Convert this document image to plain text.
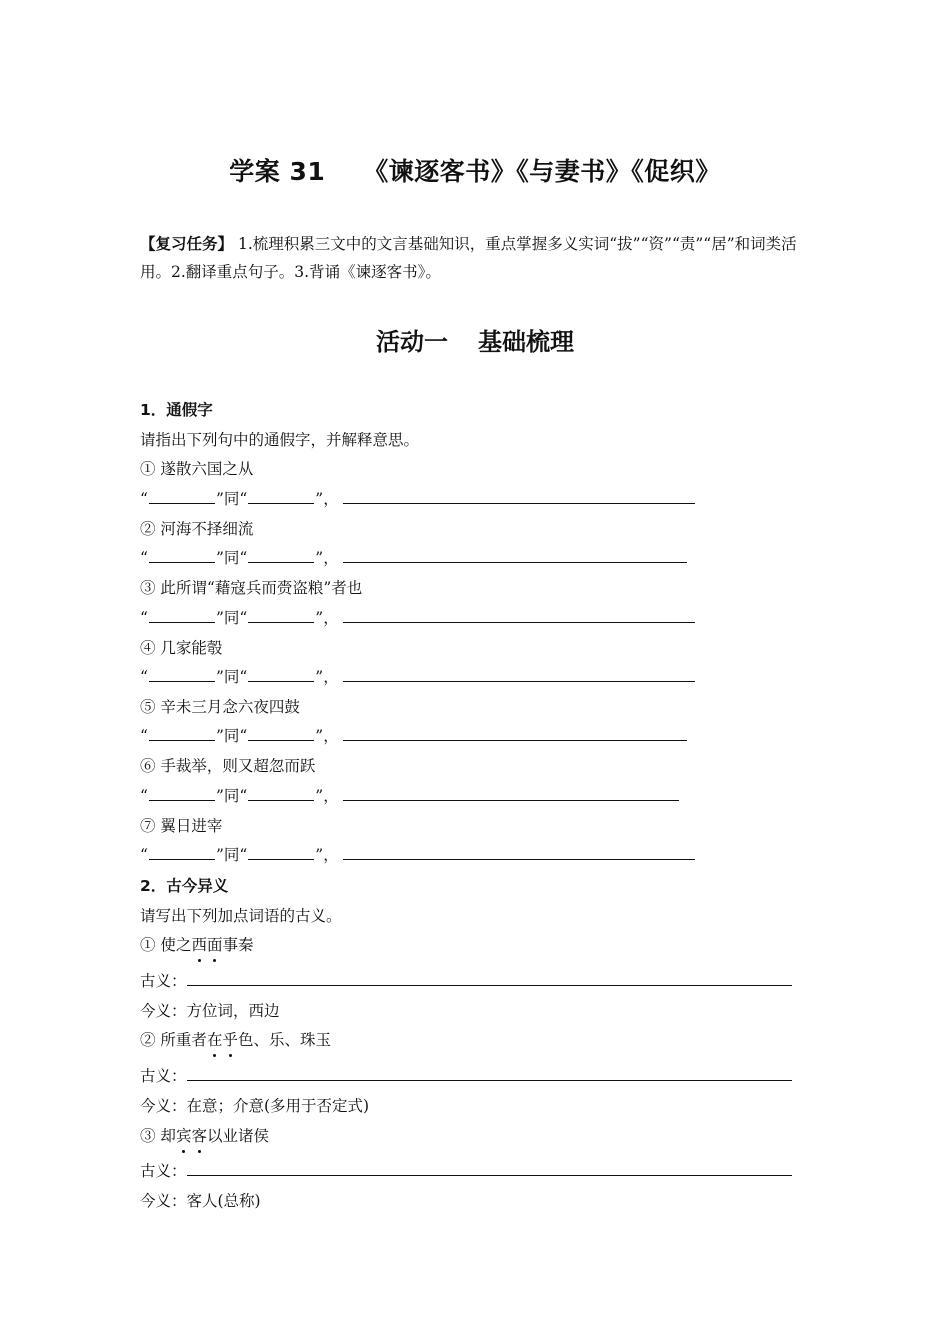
学案 31 《谏逐客书》《与妻书》《促织》
【复习任务】 1.梳理积累三文中的文言基础知识，重点掌握多义实词“拔”“资”“责”“居”和词类活用。2.翻译重点句子。3.背诵《谏逐客书》。
活动一 基础梳理
1．通假字
请指出下列句中的通假字，并解释意思。
① 遂散六国之从
“	”同“	”，
② 河海不择细流
“	”同“	”，
③ 此所谓“藉寇兵而赍盗粮”者也
“	”同“	”，
④ 几家能彀
“	”同“	”，
⑤ 辛未三月念六夜四鼓
“	”同“	”，
⑥ 手裁举，则又超忽而跃
“	”同“	”，
⑦ 翼日进宰
“	”同“	”，
2．古今异义
请写出下列加点词语的古义。
① 使之西面事秦
古义：
今义：方位词，西边
② 所重者在乎色、乐、珠玉
古义：
今义：在意；介意(多用于否定式)
③ 却宾客以业诸侯
古义：
今义：客人(总称)
